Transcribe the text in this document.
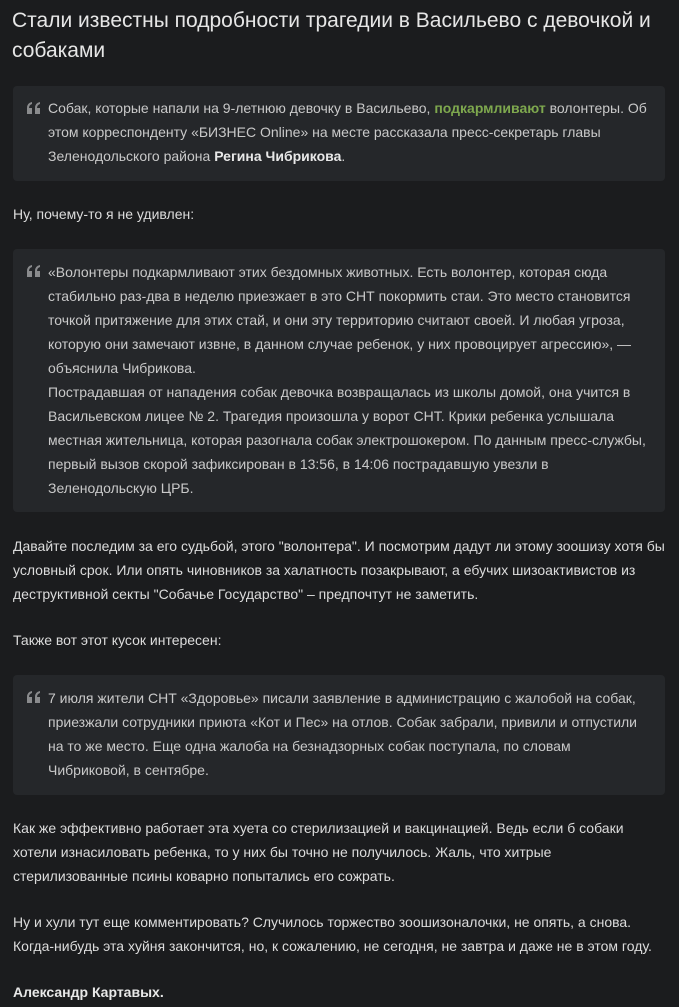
Стали известны подробности трагедии в Васильево с девочкой и собаками

Собак, которые напали на 9-летнюю девочку в Васильево, подкармливают волонтеры. Об этом корреспонденту «БИЗНЕС Online» на месте рассказала пресс-секретарь главы Зеленодольского района Регина Чибрикова.

Ну, почему-то я не удивлен:

«Волонтеры подкармливают этих бездомных животных. Есть волонтер, которая сюда стабильно раз-два в неделю приезжает в это СНТ покормить стаи. Это место становится точкой притяжение для этих стай, и они эту территорию считают своей. И любая угроза, которую они замечают извне, в данном случае ребенок, у них провоцирует агрессию», — объяснила Чибрикова.

Пострадавшая от нападения собак девочка возвращалась из школы домой, она учится в Васильевском лицее № 2. Трагедия произошла у ворот СНТ. Крики ребенка услышала местная жительница, которая разогнала собак электрошокером. По данным пресс-службы, первый вызов скорой зафиксирован в 13:56, в 14:06 пострадавшую увезли в Зеленодольскую ЦРБ.

Давайте последим за его судьбой, этого "волонтера". И посмотрим дадут ли этому зоошизу хотя бы условный срок. Или опять чиновников за халатность позакрывают, а ебучих шизоактивистов из деструктивной секты "Собачье Государство" – предпочтут не заметить.

Также вот этот кусок интересен:

7 июля жители СНТ «Здоровье» писали заявление в администрацию с жалобой на собак, приезжали сотрудники приюта «Кот и Пес» на отлов. Собак забрали, привили и отпустили на то же место. Еще одна жалоба на безнадзорных собак поступала, по словам Чибриковой, в сентябре.

Как же эффективно работает эта хуета со стерилизацией и вакцинацией. Ведь если б собаки хотели изнасиловать ребенка, то у них бы точно не получилось. Жаль, что хитрые стерилизованные псины коварно попытались его сожрать.

Ну и хули тут еще комментировать? Случилось торжество зоошизоналочки, не опять, а снова. Когда-нибудь эта хуйня закончится, но, к сожалению, не сегодня, не завтра и даже не в этом году.

Александр Картавых.
